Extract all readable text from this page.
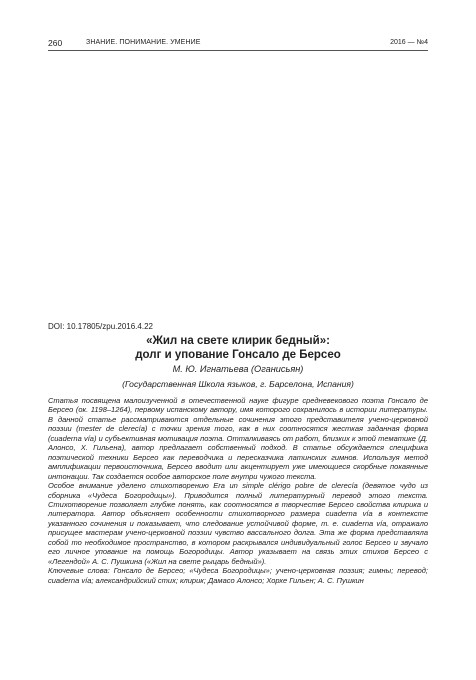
260	ЗНАНИЕ. ПОНИМАНИЕ. УМЕНИЕ	2016 — №4
DOI: 10.17805/zpu.2016.4.22
«Жил на свете клирик бедный»:
долг и упование Гонсало де Берсео
М. Ю. Игнатьева (Оганисьян)
(Государственная Школа языков, г. Барселона, Испания)

Статья посвящена малоизученной в отечественной науке фигуре средневекового поэта Гонсало де Берсео (ок. 1198–1264), первому испанскому автору, имя которого сохранилось в истории литературы. В данной статье рассматриваются отдельные сочинения этого представителя учено-церковной поэзии (mester de clerecía) с точки зрения того, как в них соотносятся жесткая заданная форма (cuaderna vía) и субъективная мотивация поэта. Отталкиваясь от работ, близких к этой тематике (Д. Алонсо, Х. Гильена), автор предлагает собственный подход. В статье обсуждается специфика поэтической техники Берсео как переводчика и пересказчика латинских гимнов. Используя метод амплификации первоисточника, Берсео вводит или акцентирует уже имеющиеся скорбные покаянные интонации. Так создается особое авторское поле внутри чужого текста.

Особое внимание уделено стихотворению Era un simple clérigo pobre de clerecía (девятое чудо из сборника «Чудеса Богородицы»). Приводится полный литературный перевод этого текста. Стихотворение позволяет глубже понять, как соотносятся в творчестве Берсео свойства клирика и литератора. Автор объясняет особенности стихотворного размера cuaderna vía в контексте указанного сочинения и показывает, что следование устойчивой форме, т. е. cuaderna vía, отражало присущее мастерам учено-церковной поэзии чувство вассального долга. Эта же форма представляла собой то необходимое пространство, в котором раскрывался индивидуальный голос Берсео и звучало его личное упование на помощь Богородицы. Автор указывает на связь этих стихов Берсео с «Легендой» А. С. Пушкина («Жил на свете рыцарь бедный»).

Ключевые слова: Гонсало де Берсео; «Чудеса Богородицы»; учено-церковная поэзия; гимны; перевод; cuaderna vía; александрийский стих; клирик; Дамасо Алонсо; Хорхе Гильен; А. С. Пушкин
